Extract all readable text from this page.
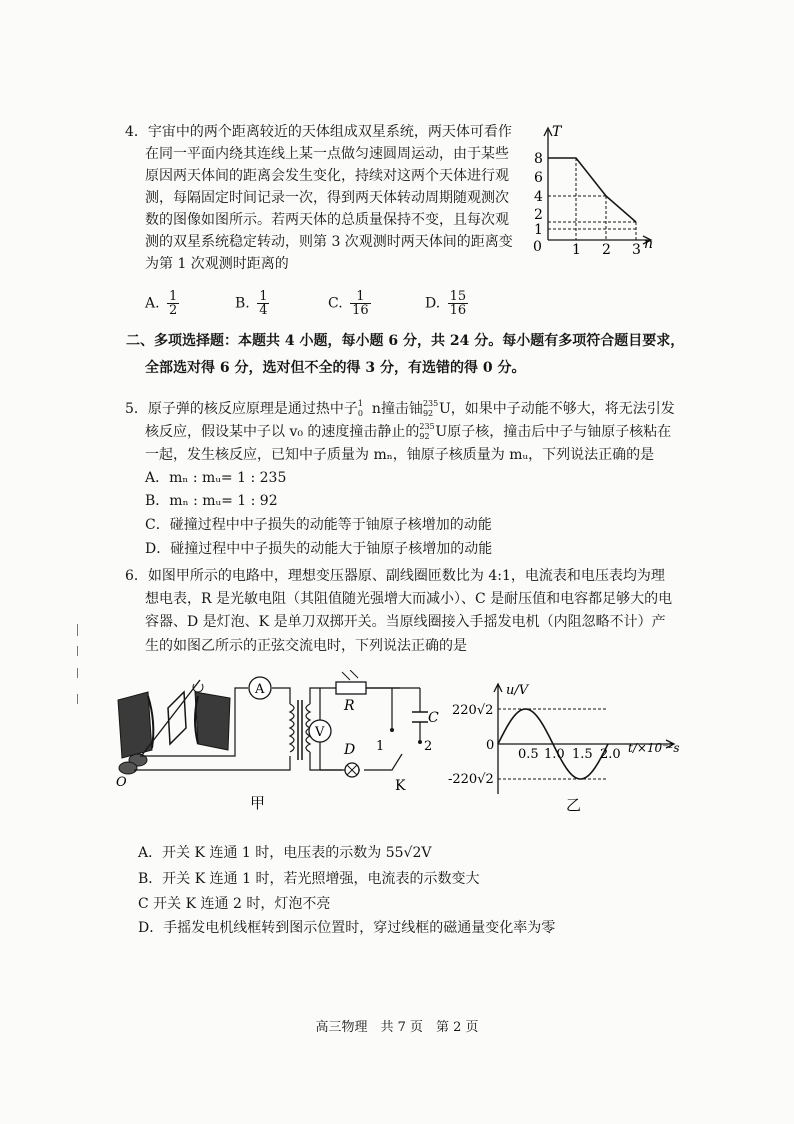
4．宇宙中的两个距离较近的天体组成双星系统，两天体可看作
在同一平面内绕其连线上某一点做匀速圆周运动，由于某些
原因两天体间的距离会发生变化，持续对这两个天体进行观
测，每隔固定时间记录一次，得到两天体转动周期随观测次
数的图像如图所示。若两天体的总质量保持不变，且每次观
测的双星系统稳定转动，则第 3 次观测时两天体间的距离变
为第 1 次观测时距离的
A. $\frac{1}{2}$	B. $\frac{1}{4}$	C. $\frac{1}{16}$	D. $\frac{15}{16}$
T
n
0
8
6
4
2
1
1 2 3
二、多项选择题：本题共 4 小题，每小题 6 分，共 24 分。每小题有多项符合题目要求，
全部选对得 6 分，选对但不全的得 3 分，有选错的得 0 分。
5．原子弹的核反应原理是通过热中子 1
0 n撞击铀 235
92 U，如果中子动能不够大，将无法引发
核反应，假设某中子以 v₀ 的速度撞击静止的 235
92 U原子核，撞击后中子与铀原子核粘在
一起，发生核反应，已知中子质量为 mₙ，铀原子核质量为 mᵤ，下列说法正确的是
A．mₙ : mᵤ= 1 : 235
B．mₙ : mᵤ= 1 : 92
C．碰撞过程中中子损失的动能等于铀原子核增加的动能
D．碰撞过程中中子损失的动能大于铀原子核增加的动能
6．如图甲所示的电路中，理想变压器原、副线圈匝数比为 4:1，电流表和电压表均为理
想电表，R 是光敏电阻（其阻值随光强增大而减小）、C 是耐压值和电容都足够大的电
容器、D 是灯泡、K 是单刀双掷开关。当原线圈接入手摇发电机（内阻忽略不计）产
生的如图乙所示的正弦交流电时，下列说法正确的是
O
A
R
V
D
C
1	2
K
甲
u/V
220√2
-220√2
0
0.5 1.0 1.5 2.0 t/×10⁻²s
乙
A．开关 K 连通 1 时，电压表的示数为 55√2V
B．开关 K 连通 1 时，若光照增强，电流表的示数变大
C 开关 K 连通 2 时，灯泡不亮
D．手摇发电机线框转到图示位置时，穿过线框的磁通量变化率为零
高三物理　共 7 页　第 2 页
